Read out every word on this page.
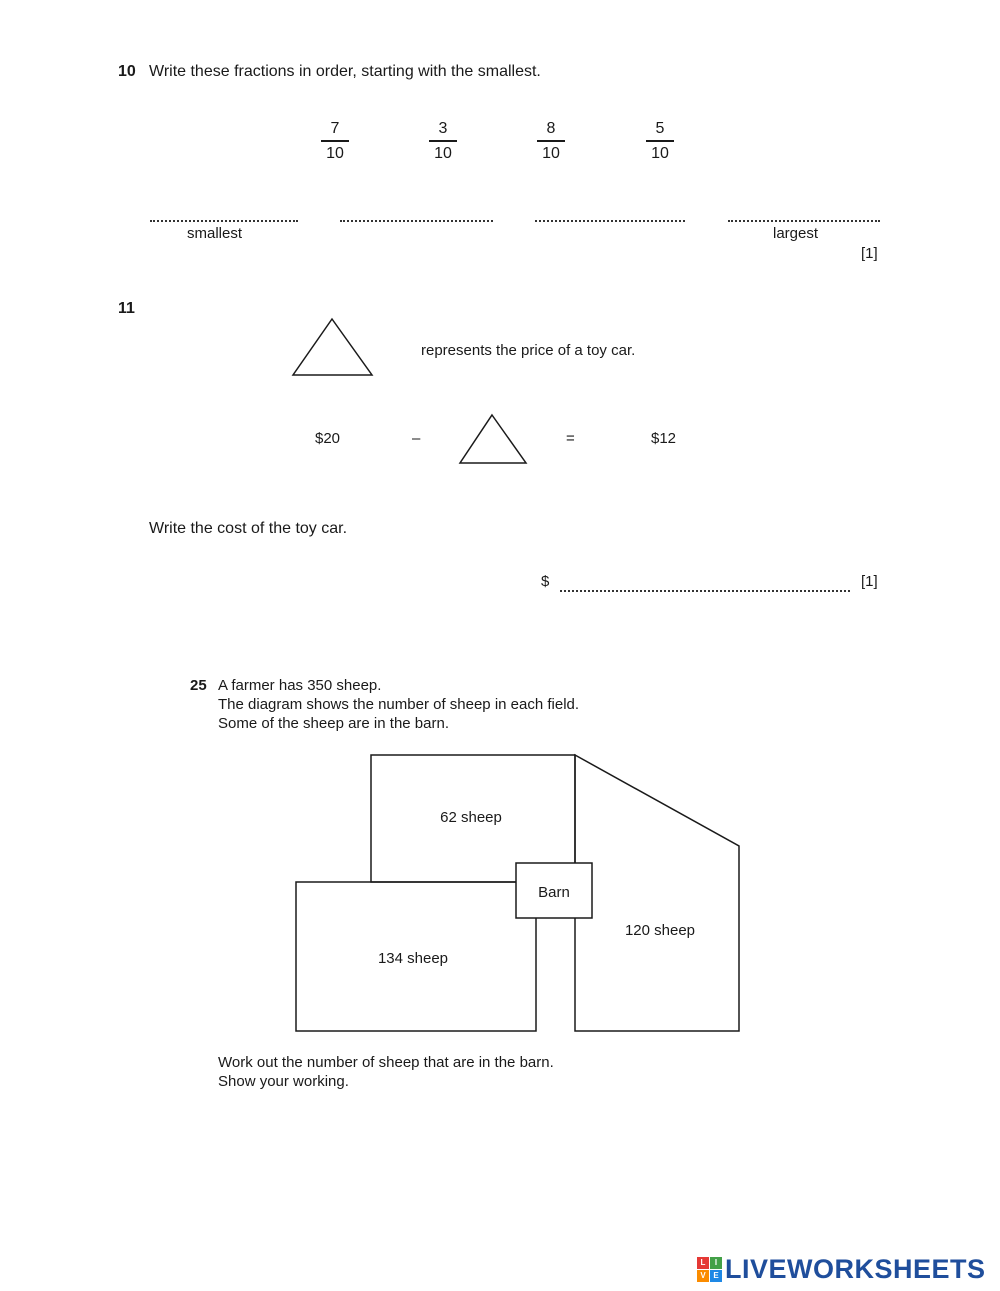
10 Write these fractions in order, starting with the smallest.
7
10
3
10
8
10
5
10
smallest	largest
[1]
11
represents the price of a toy car.
$20	–	=	$12
Write the cost of the toy car.
$	[1]
25 A farmer has 350 sheep.
The diagram shows the number of sheep in each field.
Some of the sheep are in the barn.
62 sheep
134 sheep
120 sheep
Barn
Work out the number of sheep that are in the barn.
Show your working.
L	I
V E LIVEWORKSHEETS
